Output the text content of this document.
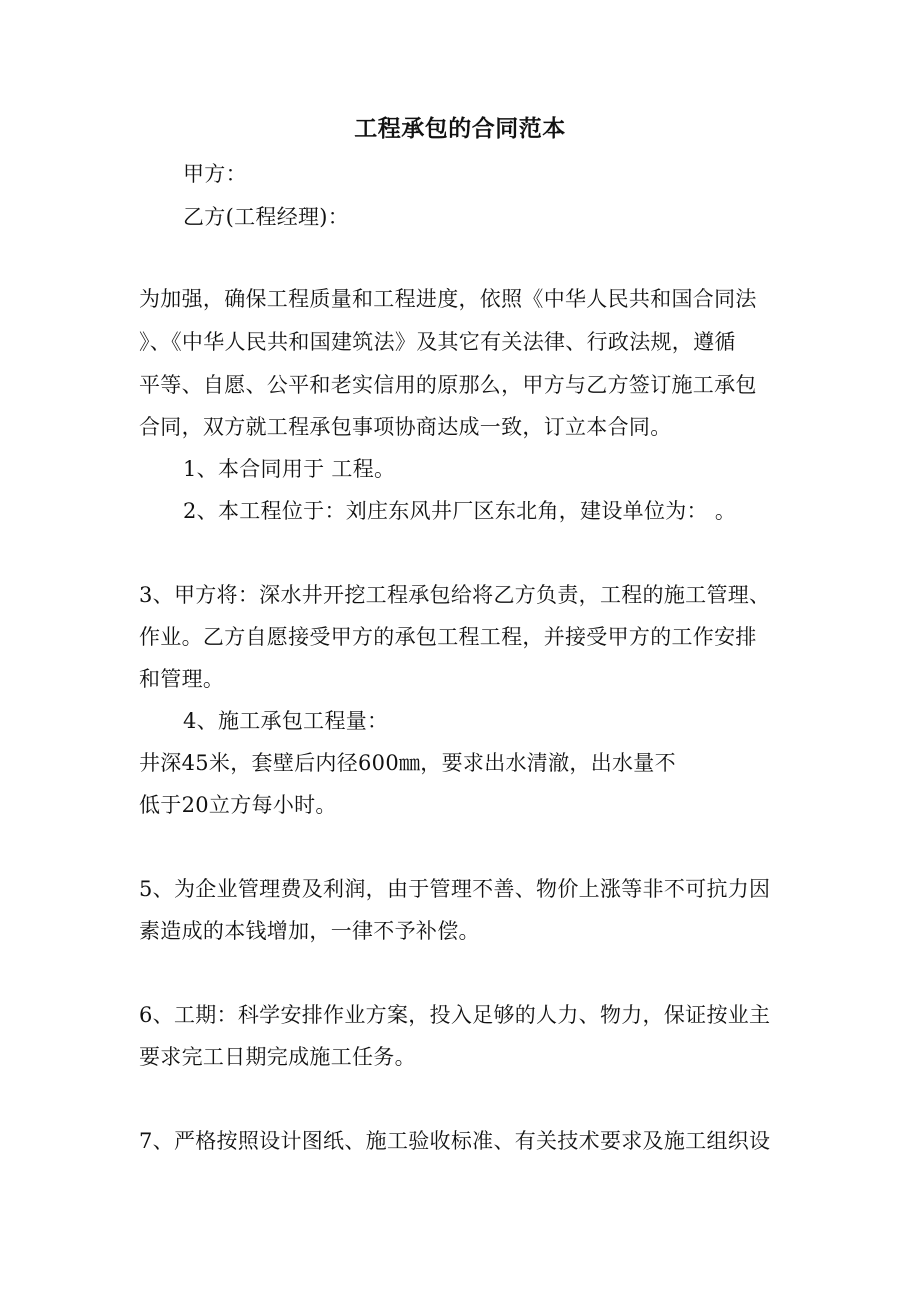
工程承包的合同范本
甲方：
乙方(工程经理)：
为加强，确保工程质量和工程进度，依照《中华人民共和国合同法
》、《中华人民共和国建筑法》及其它有关法律、行政法规，遵循
平等、自愿、公平和老实信用的原那么，甲方与乙方签订施工承包
合同，双方就工程承包事项协商达成一致，订立本合同。
1、本合同用于 工程。
2、本工程位于：刘庄东风井厂区东北角，建设单位为： 。
3、甲方将：深水井开挖工程承包给将乙方负责，工程的施工管理、
作业。乙方自愿接受甲方的承包工程工程，并接受甲方的工作安排
和管理。
4、施工承包工程量：
井深45米，套壁后内径600㎜，要求出水清澈，出水量不
低于20立方每小时。
5、为企业管理费及利润，由于管理不善、物价上涨等非不可抗力因
素造成的本钱增加，一律不予补偿。
6、工期：科学安排作业方案，投入足够的人力、物力，保证按业主
要求完工日期完成施工任务。
7、严格按照设计图纸、施工验收标准、有关技术要求及施工组织设
